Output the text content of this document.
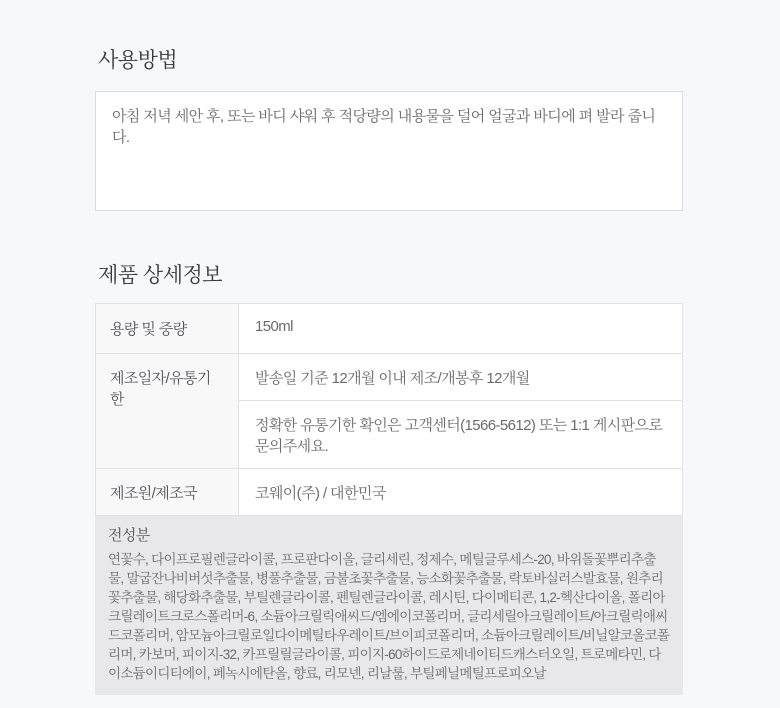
사용방법

아침 저녁 세안 후, 또는 바디 샤워 후 적당량의 내용물을 덜어 얼굴과 바디에 펴 발라 줍니다.

제품 상세정보
용량 및 중량	150ml
제조일자/유통기한	발송일 기준 12개월 이내 제조/개봉후 12개월
	정확한 유통기한 확인은 고객센터(1566-5612) 또는 1:1 게시판으로 문의주세요.
제조원/제조국	코웨이(주) / 대한민국
전성분

연꽃수, 다이프로필렌글라이콜, 프로판다이올, 글리세린, 정제수, 메틸글루세스-20, 바위돌꽃뿌리추출물, 말굽잔나비버섯추출물, 병풀추출물, 금불초꽃추출물, 능소화꽃추출물, 락토바실러스발효물, 원추리꽃추출물, 해당화추출물, 부틸렌글라이콜, 펜틸렌글라이콜, 레시틴, 다이메티콘, 1,2-헥산다이올, 폴리아크릴레이트크로스폴리머-6, 소듐아크릴릭애씨드/엠에이코폴리머, 글리세릴아크릴레이트/아크릴릭애씨드코폴리머, 암모늄아크릴로일다이메틸타우레이트/브이피코폴리머, 소듐아크릴레이트/비닐알코올코폴리머, 카보머, 피이지-32, 카프릴릴글라이콜, 피이지-60하이드로제네이티드캐스터오일, 트로메타민, 다이소듐이디티에이, 페녹시에탄올, 향료, 리모넨, 리날룰, 부틸페닐메틸프로피오날
